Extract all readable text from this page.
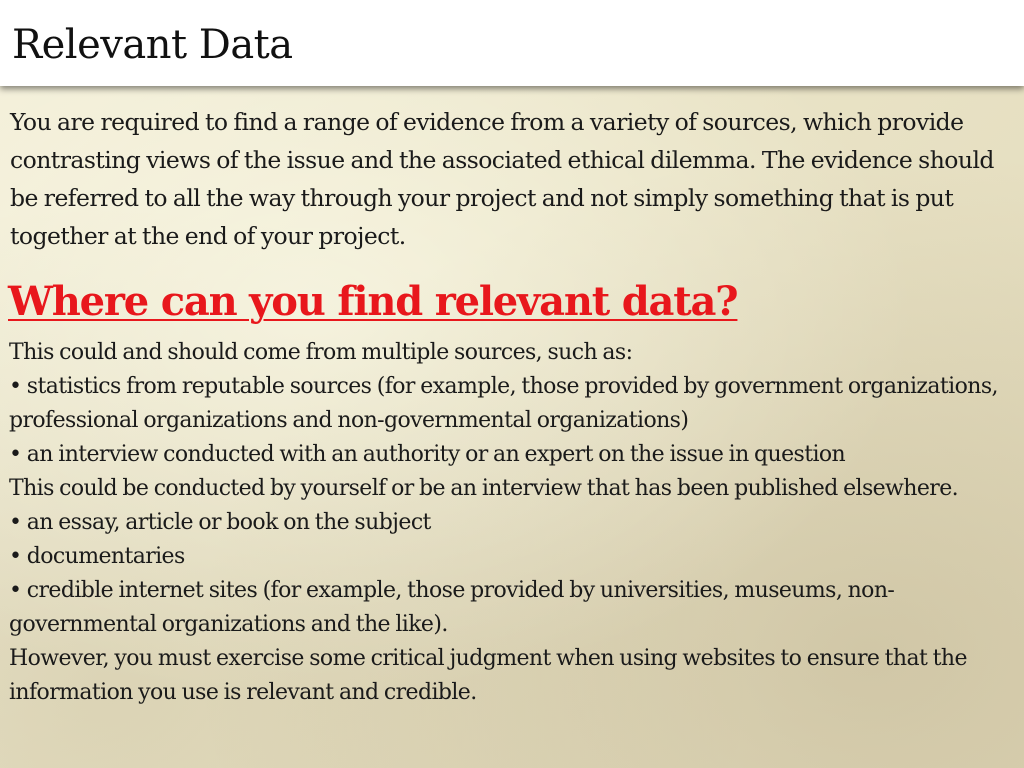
Relevant Data

You are required to find a range of evidence from a variety of sources, which provide contrasting views of the issue and the associated ethical dilemma. The evidence should be referred to all the way through your project and not simply something that is put together at the end of your project.

Where can you find relevant data?

This could and should come from multiple sources, such as:

• statistics from reputable sources (for example, those provided by government organizations, professional organizations and non-governmental organizations)

• an interview conducted with an authority or an expert on the issue in question

This could be conducted by yourself or be an interview that has been published elsewhere.

• an essay, article or book on the subject

• documentaries

• credible internet sites (for example, those provided by universities, museums, non-governmental organizations and the like).

However, you must exercise some critical judgment when using websites to ensure that the information you use is relevant and credible.
